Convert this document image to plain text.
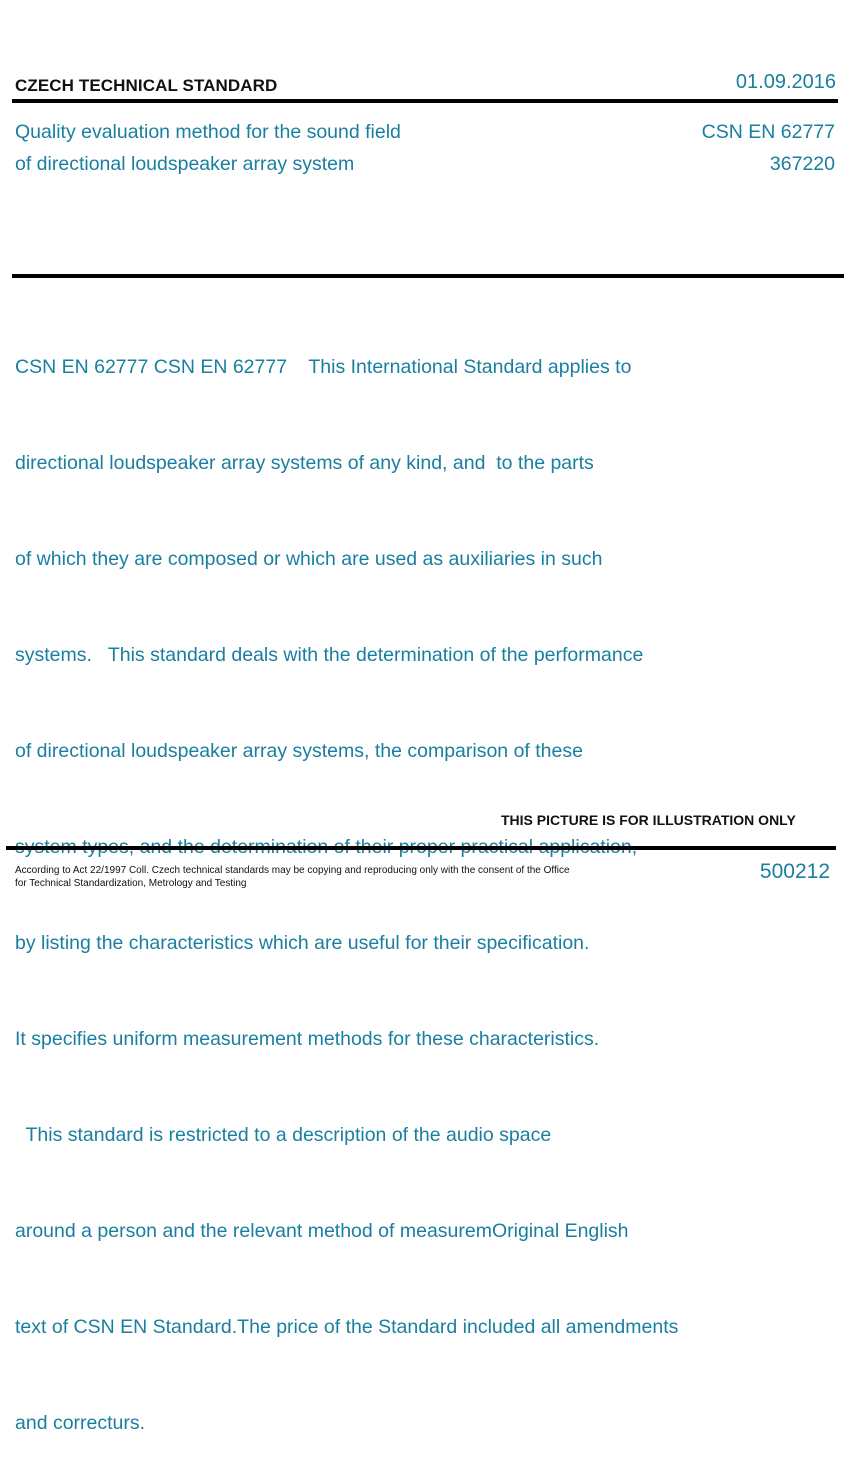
CZECH TECHNICAL STANDARD	01.09.2016
Quality evaluation method for the sound field
of directional loudspeaker array system
CSN EN 62777
367220

CSN EN 62777 CSN EN 62777    This International Standard applies to

directional loudspeaker array systems of any kind, and  to the parts

of which they are composed or which are used as auxiliaries in such

systems.   This standard deals with the determination of the performance

of directional loudspeaker array systems, the comparison of these

by listing the characteristics which are useful for their specification.

It specifies uniform measurement methods for these characteristics.

This standard is restricted to a description of the audio space

around a person and the relevant method of measuremOriginal English

text of CSN EN Standard.The price of the Standard included all amendments

and correcturs.

THIS PICTURE IS FOR ILLUSTRATION ONLY
According to Act 22/1997 Coll. Czech technical standards may be copying and reproducing only with the consent of the Office
for Technical Standardization, Metrology and Testing
500212
